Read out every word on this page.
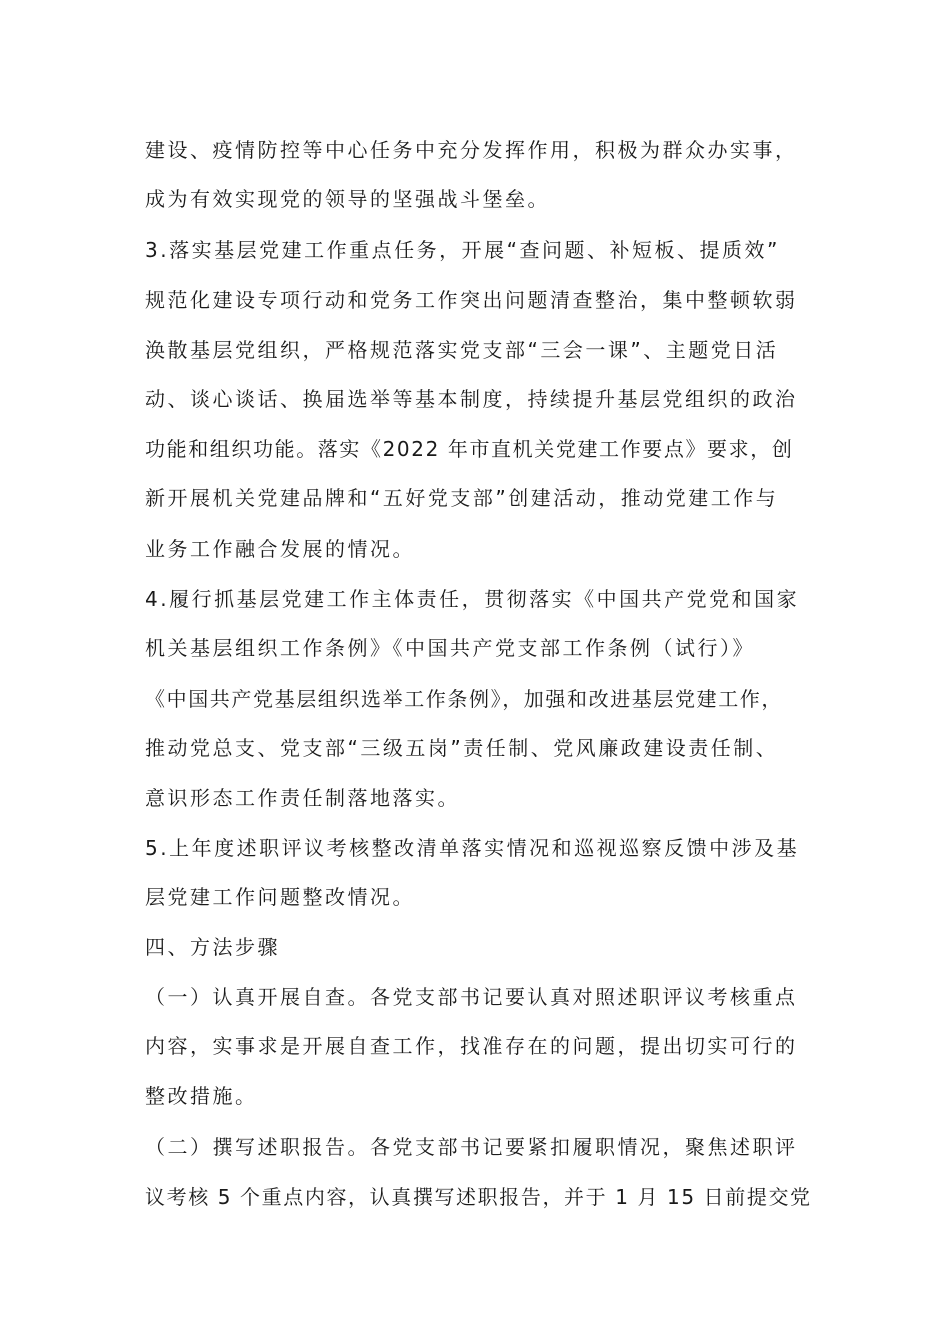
建设、疫情防控等中心任务中充分发挥作用，积极为群众办实事，
成为有效实现党的领导的坚强战斗堡垒。
3.落实基层党建工作重点任务，开展“查问题、补短板、提质效”
规范化建设专项行动和党务工作突出问题清查整治，集中整顿软弱
涣散基层党组织，严格规范落实党支部“三会一课”、主题党日活
动、谈心谈话、换届选举等基本制度，持续提升基层党组织的政治
功能和组织功能。落实《2022 年市直机关党建工作要点》要求，创
新开展机关党建品牌和“五好党支部”创建活动，推动党建工作与
业务工作融合发展的情况。
4.履行抓基层党建工作主体责任，贯彻落实《中国共产党党和国家
机关基层组织工作条例》《中国共产党支部工作条例（试行）》
《中国共产党基层组织选举工作条例》，加强和改进基层党建工作，
推动党总支、党支部“三级五岗”责任制、党风廉政建设责任制、
意识形态工作责任制落地落实。
5.上年度述职评议考核整改清单落实情况和巡视巡察反馈中涉及基
层党建工作问题整改情况。
四、方法步骤
（一）认真开展自查。各党支部书记要认真对照述职评议考核重点
内容，实事求是开展自查工作，找准存在的问题，提出切实可行的
整改措施。
（二）撰写述职报告。各党支部书记要紧扣履职情况，聚焦述职评
议考核 5 个重点内容，认真撰写述职报告，并于 1 月 15 日前提交党
